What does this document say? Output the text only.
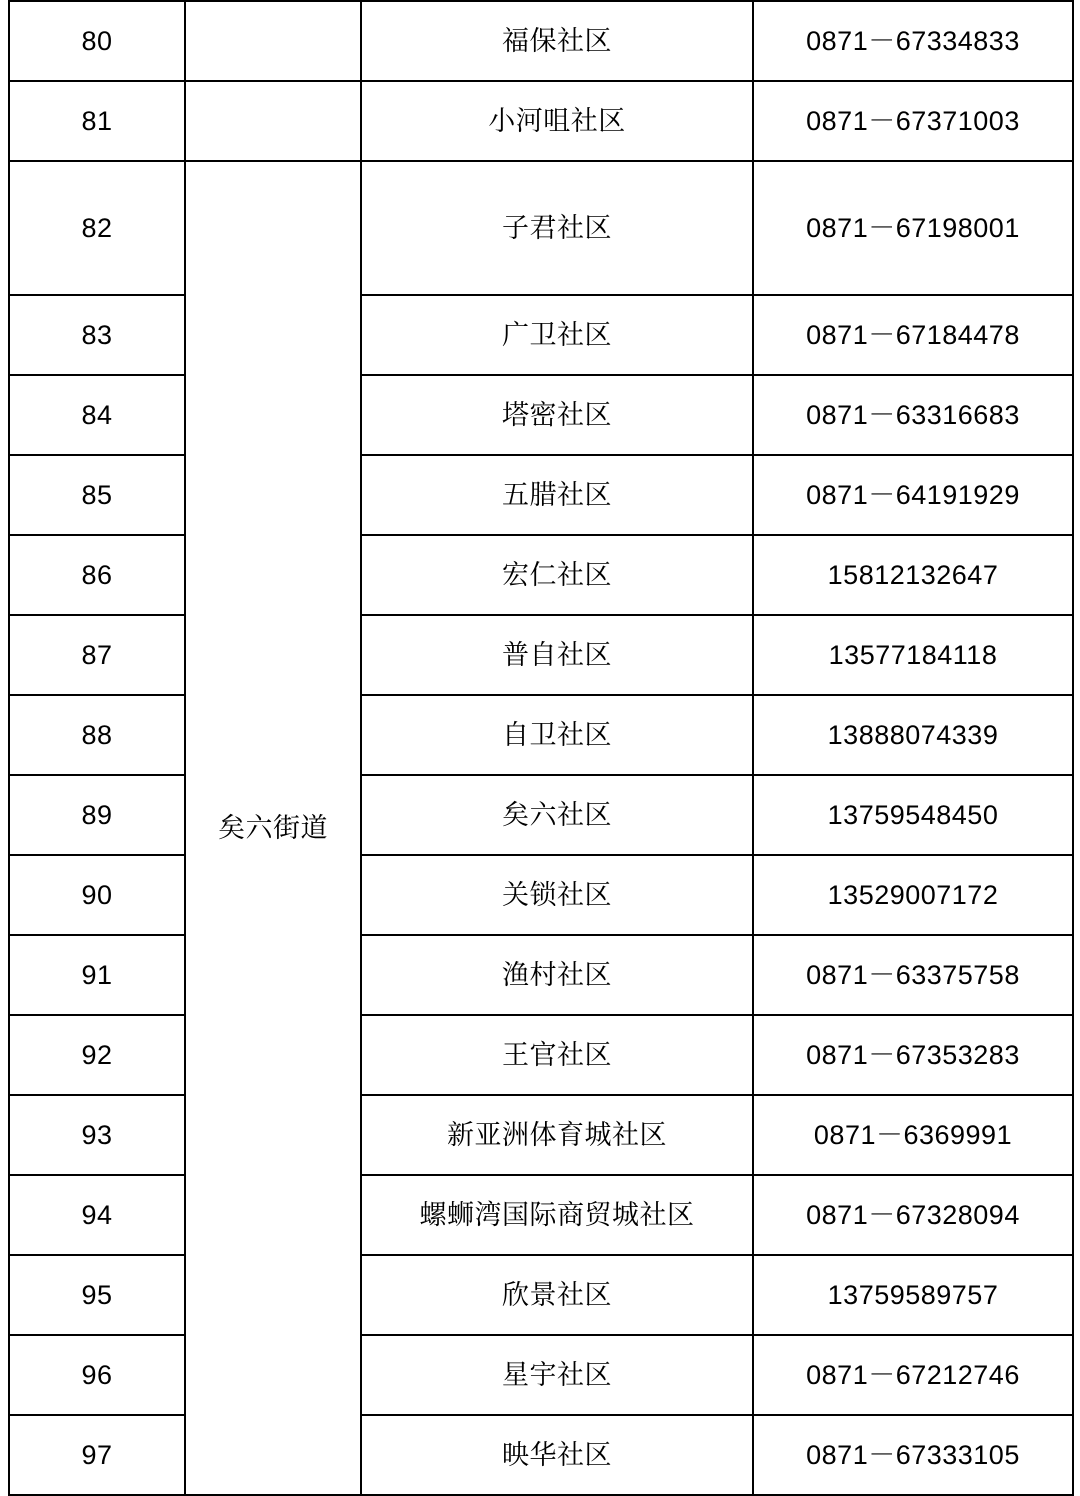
80		福保社区	0871－67334833
81		小河咀社区	0871－67371003
82	矣六街道	子君社区	0871－67198001
83		广卫社区	0871－67184478
84		塔密社区	0871－63316683
85		五腊社区	0871－64191929
86		宏仁社区	15812132647
87		普自社区	13577184118
88		自卫社区	13888074339
89		矣六社区	13759548450
90		关锁社区	13529007172
91		渔村社区	0871－63375758
92		王官社区	0871－67353283
93		新亚洲体育城社区	0871－6369991
94		螺蛳湾国际商贸城社区	0871－67328094
95		欣景社区	13759589757
96		星宇社区	0871－67212746
97		映华社区	0871－67333105
